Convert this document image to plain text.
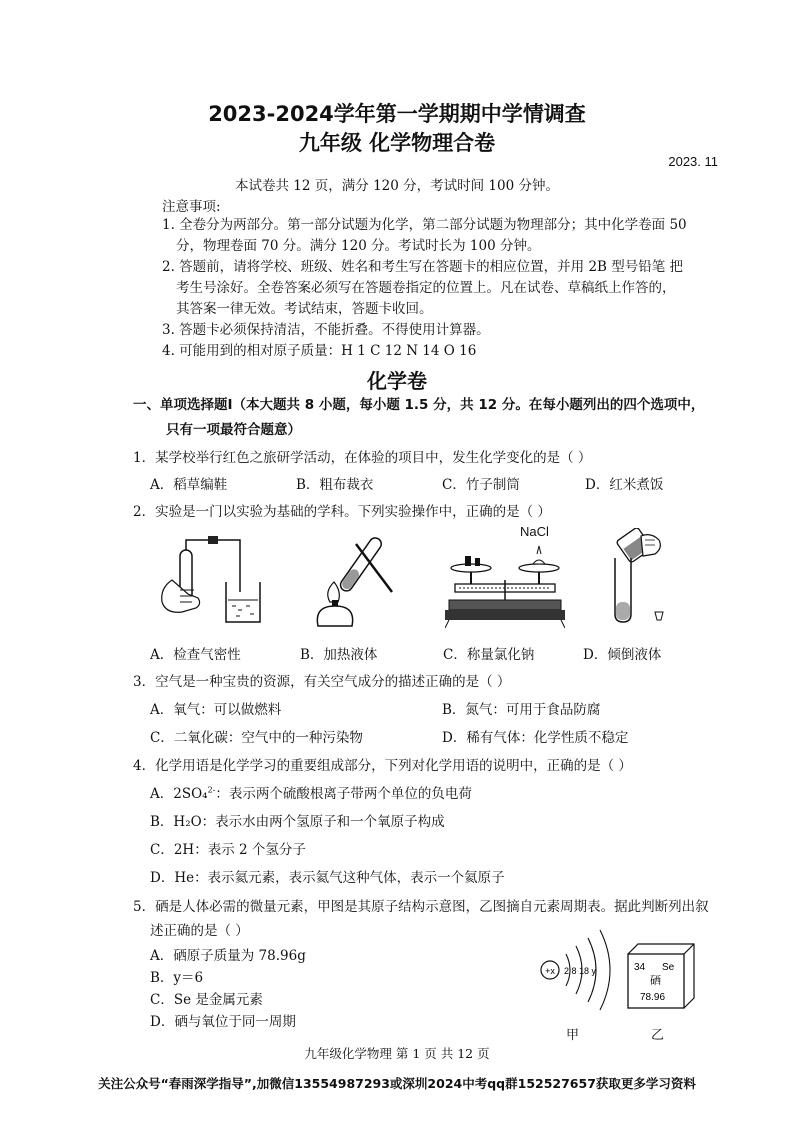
2023-2024学年第一学期期中学情调查
九年级 化学物理合卷
2023. 11
本试卷共 12 页，满分 120 分，考试时间 100 分钟。
注意事项:
1. 全卷分为两部分。第一部分试题为化学，第二部分试题为物理部分；其中化学卷面 50
分，物理卷面 70 分。满分 120 分。考试时长为 100 分钟。
2. 答题前，请将学校、班级、姓名和考生写在答题卡的相应位置，并用 2B 型号铅笔 把
考生号涂好。全卷答案必须写在答题卷指定的位置上。凡在试卷、草稿纸上作答的，
其答案一律无效。考试结束，答题卡收回。
3. 答题卡必须保持清洁，不能折叠。不得使用计算器。
4. 可能用到的相对原子质量：H 1 C 12 N 14 O 16
化学卷
一、单项选择题Ⅰ（本大题共 8 小题，每小题 1.5 分，共 12 分。在每小题列出的四个选项中，
只有一项最符合题意）
1．某学校举行红色之旅研学活动，在体验的项目中，发生化学变化的是（ ）
A．稻草编鞋	B．粗布裁衣	C．竹子制筒	D．红米煮饭
2．实验是一门以实验为基础的学科。下列实验操作中，正确的是（ ）
NaCl
A．检查气密性	B．加热液体	C．称量氯化钠	D．倾倒液体
3．空气是一种宝贵的资源，有关空气成分的描述正确的是（ ）
A．氧气：可以做燃料	B．氮气：可用于食品防腐
C．二氧化碳：空气中的一种污染物	D．稀有气体：化学性质不稳定
4．化学用语是化学学习的重要组成部分，下列对化学用语的说明中，正确的是（ ）
A．2SO₄$^{2-}$：表示两个硫酸根离子带两个单位的负电荷
B．H₂O：表示水由两个氢原子和一个氧原子构成
C．2H：表示 2 个氢分子
D．He：表示氦元素，表示氦气这种气体，表示一个氦原子
5．硒是人体必需的微量元素，甲图是其原子结构示意图，乙图摘自元素周期表。据此判断列出叙
述正确的是（ ）
A．硒原子质量为 78.96g
B．y＝6
C．Se 是金属元素
D．硒与氧位于同一周期
+x 2 8 18 y
甲
34 Se
硒
78.96
乙
九年级化学物理 第 1 页 共 12 页
关注公众号“春雨深学指导”,加微信13554987293或深圳2024中考qq群152527657获取更多学习资料
